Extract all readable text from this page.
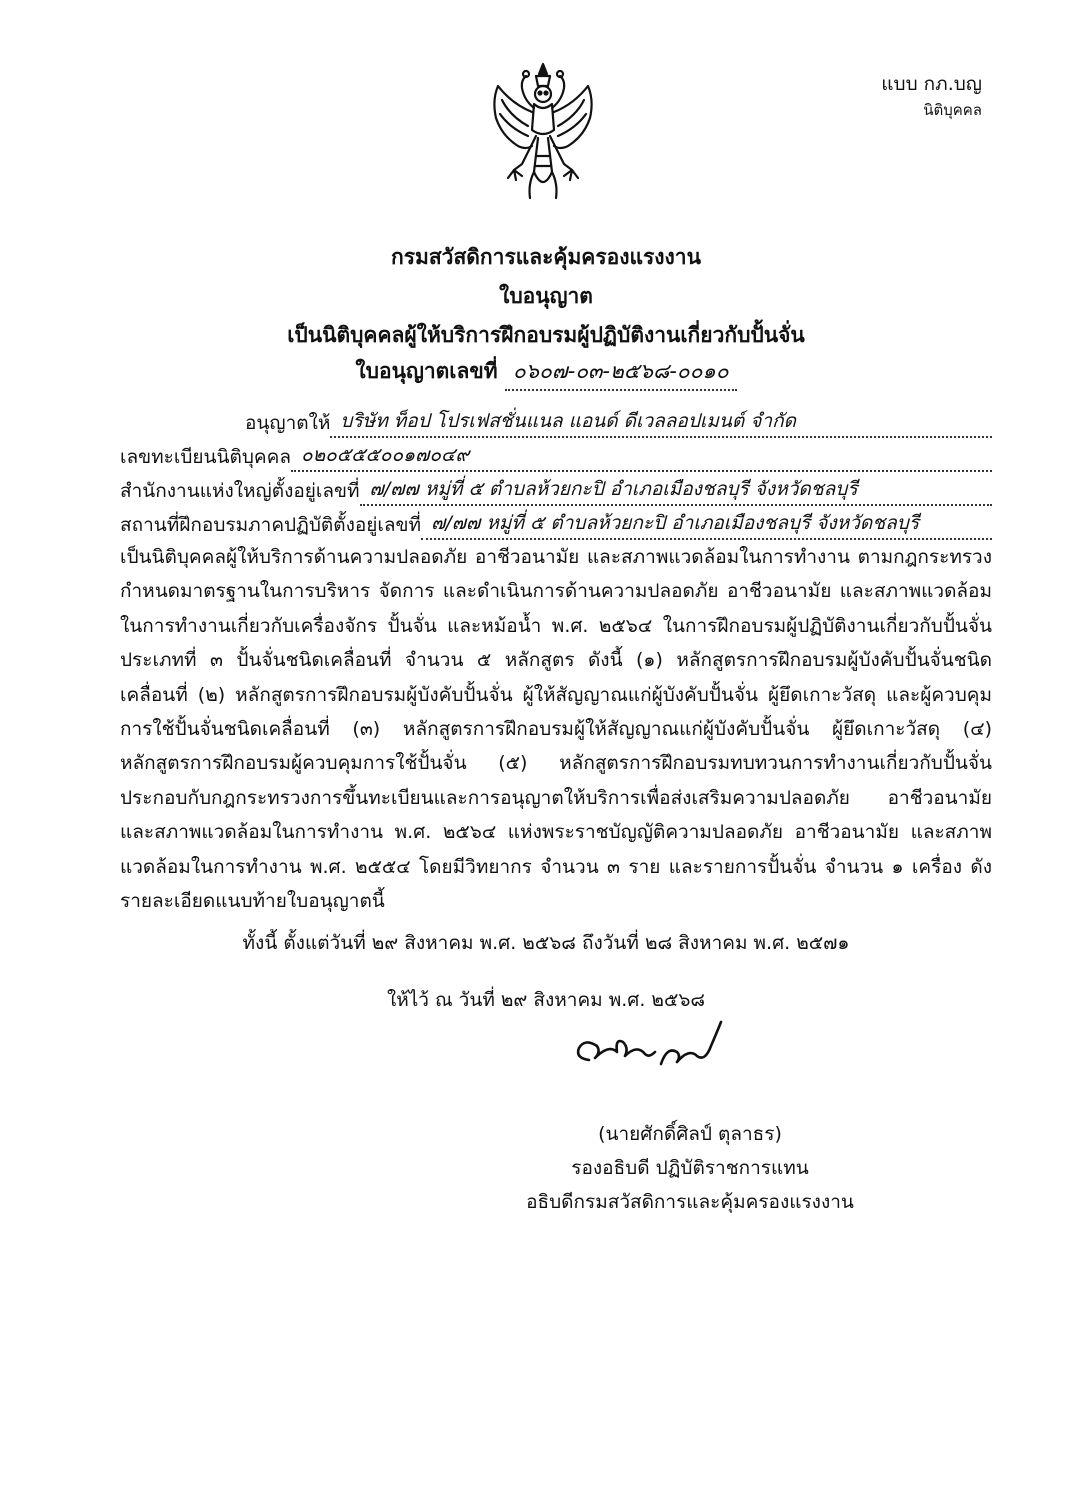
แบบ กภ.บญ
นิติบุคคล
กรมสวัสดิการและคุ้มครองแรงงาน
ใบอนุญาต
เป็นนิติบุคคลผู้ให้บริการฝึกอบรมผู้ปฏิบัติงานเกี่ยวกับปั้นจั่น
ใบอนุญาตเลขที่ ๐๖๐๗-๐๓-๒๕๖๘-๐๐๑๐
อนุญาตให้ บริษัท ท็อป โปรเฟสชั่นแนล แอนด์ ดีเวลลอปเมนต์ จำกัด
เลขทะเบียนนิติบุคคล ๐๒๐๕๕๕๐๐๑๗๐๔๙
สำนักงานแห่งใหญ่ตั้งอยู่เลขที่ ๗/๗๗ หมู่ที่ ๕ ตำบลห้วยกะปิ อำเภอเมืองชลบุรี จังหวัดชลบุรี
สถานที่ฝึกอบรมภาคปฏิบัติตั้งอยู่เลขที่ ๗/๗๗ หมู่ที่ ๕ ตำบลห้วยกะปิ อำเภอเมืองชลบุรี จังหวัดชลบุรี
เป็นนิติบุคคลผู้ให้บริการด้านความปลอดภัย อาชีวอนามัย และสภาพแวดล้อมในการทำงาน ตามกฎกระทรวงกำหนดมาตรฐานในการบริหาร จัดการ และดำเนินการด้านความปลอดภัย อาชีวอนามัย และสภาพแวดล้อมในการทำงานเกี่ยวกับเครื่องจักร ปั้นจั่น และหม้อน้ำ พ.ศ. ๒๕๖๔ ในการฝึกอบรมผู้ปฏิบัติงานเกี่ยวกับปั้นจั่นประเภทที่ ๓ ปั้นจั่นชนิดเคลื่อนที่ จำนวน ๕ หลักสูตร ดังนี้ (๑) หลักสูตรการฝึกอบรมผู้บังคับปั้นจั่นชนิดเคลื่อนที่ (๒) หลักสูตรการฝึกอบรมผู้บังคับปั้นจั่น ผู้ให้สัญญาณแก่ผู้บังคับปั้นจั่น ผู้ยึดเกาะวัสดุ และผู้ควบคุมการใช้ปั้นจั่นชนิดเคลื่อนที่ (๓) หลักสูตรการฝึกอบรมผู้ให้สัญญาณแก่ผู้บังคับปั้นจั่น ผู้ยึดเกาะวัสดุ (๔) หลักสูตรการฝึกอบรมผู้ควบคุมการใช้ปั้นจั่น (๕) หลักสูตรการฝึกอบรมทบทวนการทำงานเกี่ยวกับปั้นจั่น ประกอบกับกฎกระทรวงการขึ้นทะเบียนและการอนุญาตให้บริการเพื่อส่งเสริมความปลอดภัย อาชีวอนามัย และสภาพแวดล้อมในการทำงาน พ.ศ. ๒๕๖๔ แห่งพระราชบัญญัติความปลอดภัย อาชีวอนามัย และสภาพแวดล้อมในการทำงาน พ.ศ. ๒๕๕๔ โดยมีวิทยากร จำนวน ๓ ราย และรายการปั้นจั่น จำนวน ๑ เครื่อง ดังรายละเอียดแนบท้ายใบอนุญาตนี้
ทั้งนี้ ตั้งแต่วันที่ ๒๙ สิงหาคม พ.ศ. ๒๕๖๘ ถึงวันที่ ๒๘ สิงหาคม พ.ศ. ๒๕๗๑
ให้ไว้ ณ วันที่ ๒๙ สิงหาคม พ.ศ. ๒๕๖๘
(นายศักดิ์ศิลป์ ตุลาธร)
รองอธิบดี ปฏิบัติราชการแทน
อธิบดีกรมสวัสดิการและคุ้มครองแรงงาน
